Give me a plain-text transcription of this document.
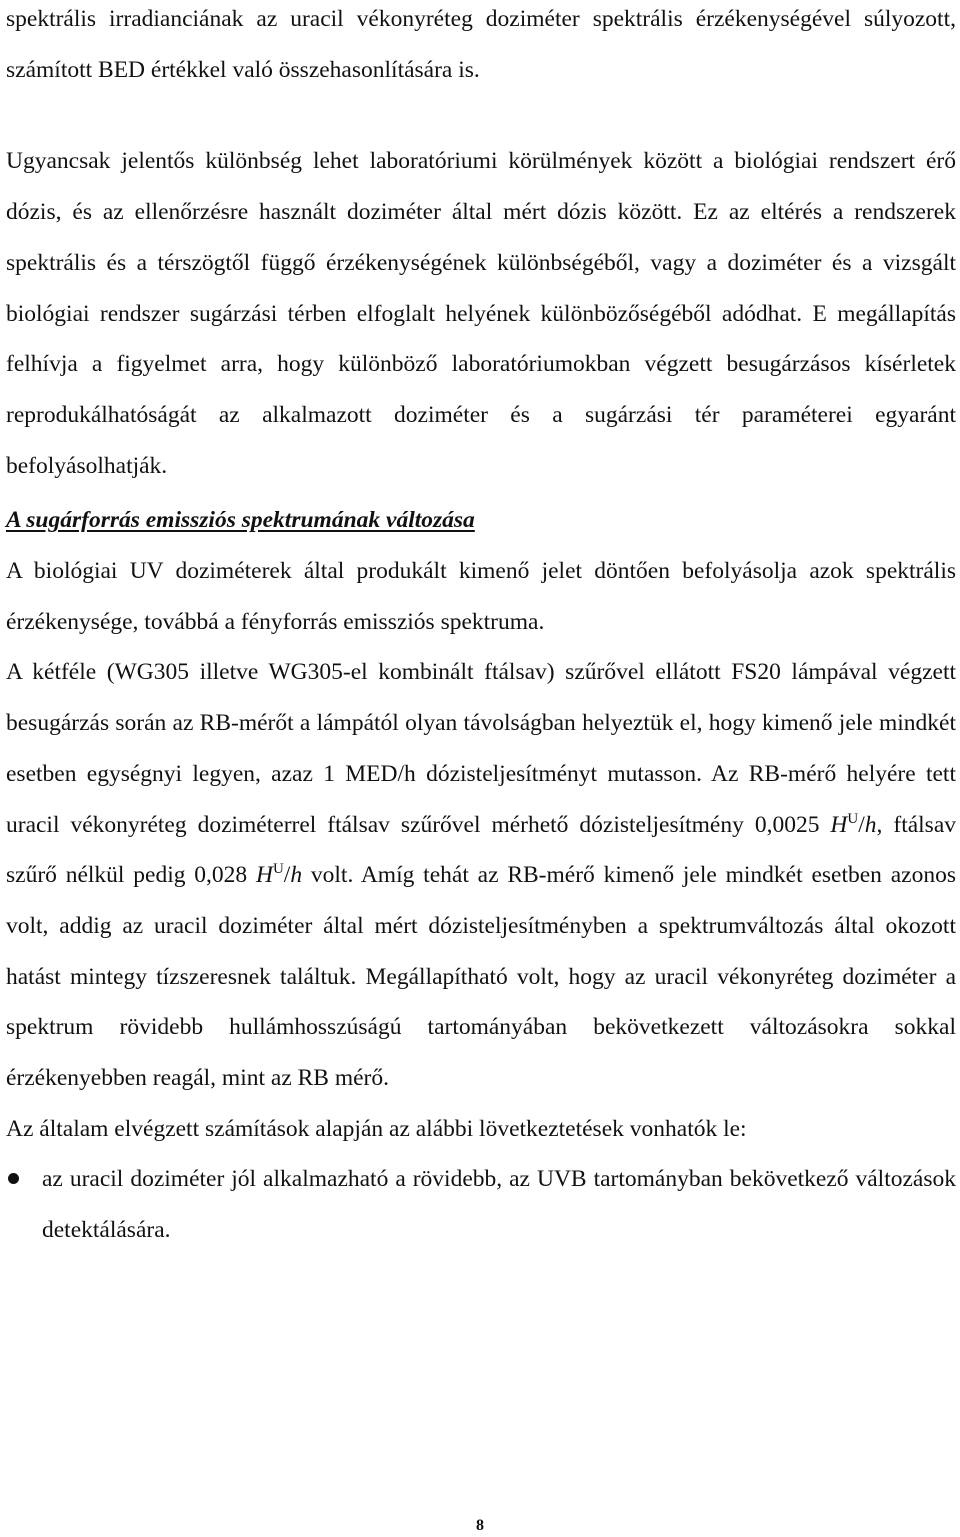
spektrális irradianciának az uracil vékonyréteg doziméter spektrális érzékenységével súlyozott, számított BED értékkel való összehasonlítására is.

Ugyancsak jelentős különbség lehet laboratóriumi körülmények között a biológiai rendszert érő dózis, és az ellenőrzésre használt doziméter által mért dózis között. Ez az eltérés a rendszerek spektrális és a térszögtől függő érzékenységének különbségéből, vagy a doziméter és a vizsgált biológiai rendszer sugárzási térben elfoglalt helyének különbözőségéből adódhat. E megállapítás felhívja a figyelmet arra, hogy különböző laboratóriumokban végzett besugárzásos kísérletek reprodukálhatóságát az alkalmazott doziméter és a sugárzási tér paraméterei egyaránt befolyásolhatják.

A sugárforrás emissziós spektrumának változása

A biológiai UV doziméterek által produkált kimenő jelet döntően befolyásolja azok spektrális érzékenysége, továbbá a fényforrás emissziós spektruma.

A kétféle (WG305 illetve WG305-el kombinált ftálsav) szűrővel ellátott FS20 lámpával végzett besugárzás során az RB-mérőt a lámpától olyan távolságban helyeztük el, hogy kimenő jele mindkét esetben egységnyi legyen, azaz 1 MED/h dózisteljesítményt mutasson. Az RB-mérő helyére tett uracil vékonyréteg doziméterrel ftálsav szűrővel mérhető dózisteljesítmény 0,0025 $H^U/h$, ftálsav szűrő nélkül pedig 0,028 $H^U/h$ volt. Amíg tehát az RB-mérő kimenő jele mindkét esetben azonos volt, addig az uracil doziméter által mért dózisteljesítményben a spektrumváltozás által okozott hatást mintegy tízszeresnek találtuk. Megállapítható volt, hogy az uracil vékonyréteg doziméter a spektrum rövidebb hullámhosszúságú tartományában bekövetkezett változásokra sokkal érzékenyebben reagál, mint az RB mérő.

Az általam elvégzett számítások alapján az alábbi lövetkeztetések vonhatók le:

az uracil doziméter jól alkalmazható a rövidebb, az UVB tartományban bekövetkező változások detektálására.
8
